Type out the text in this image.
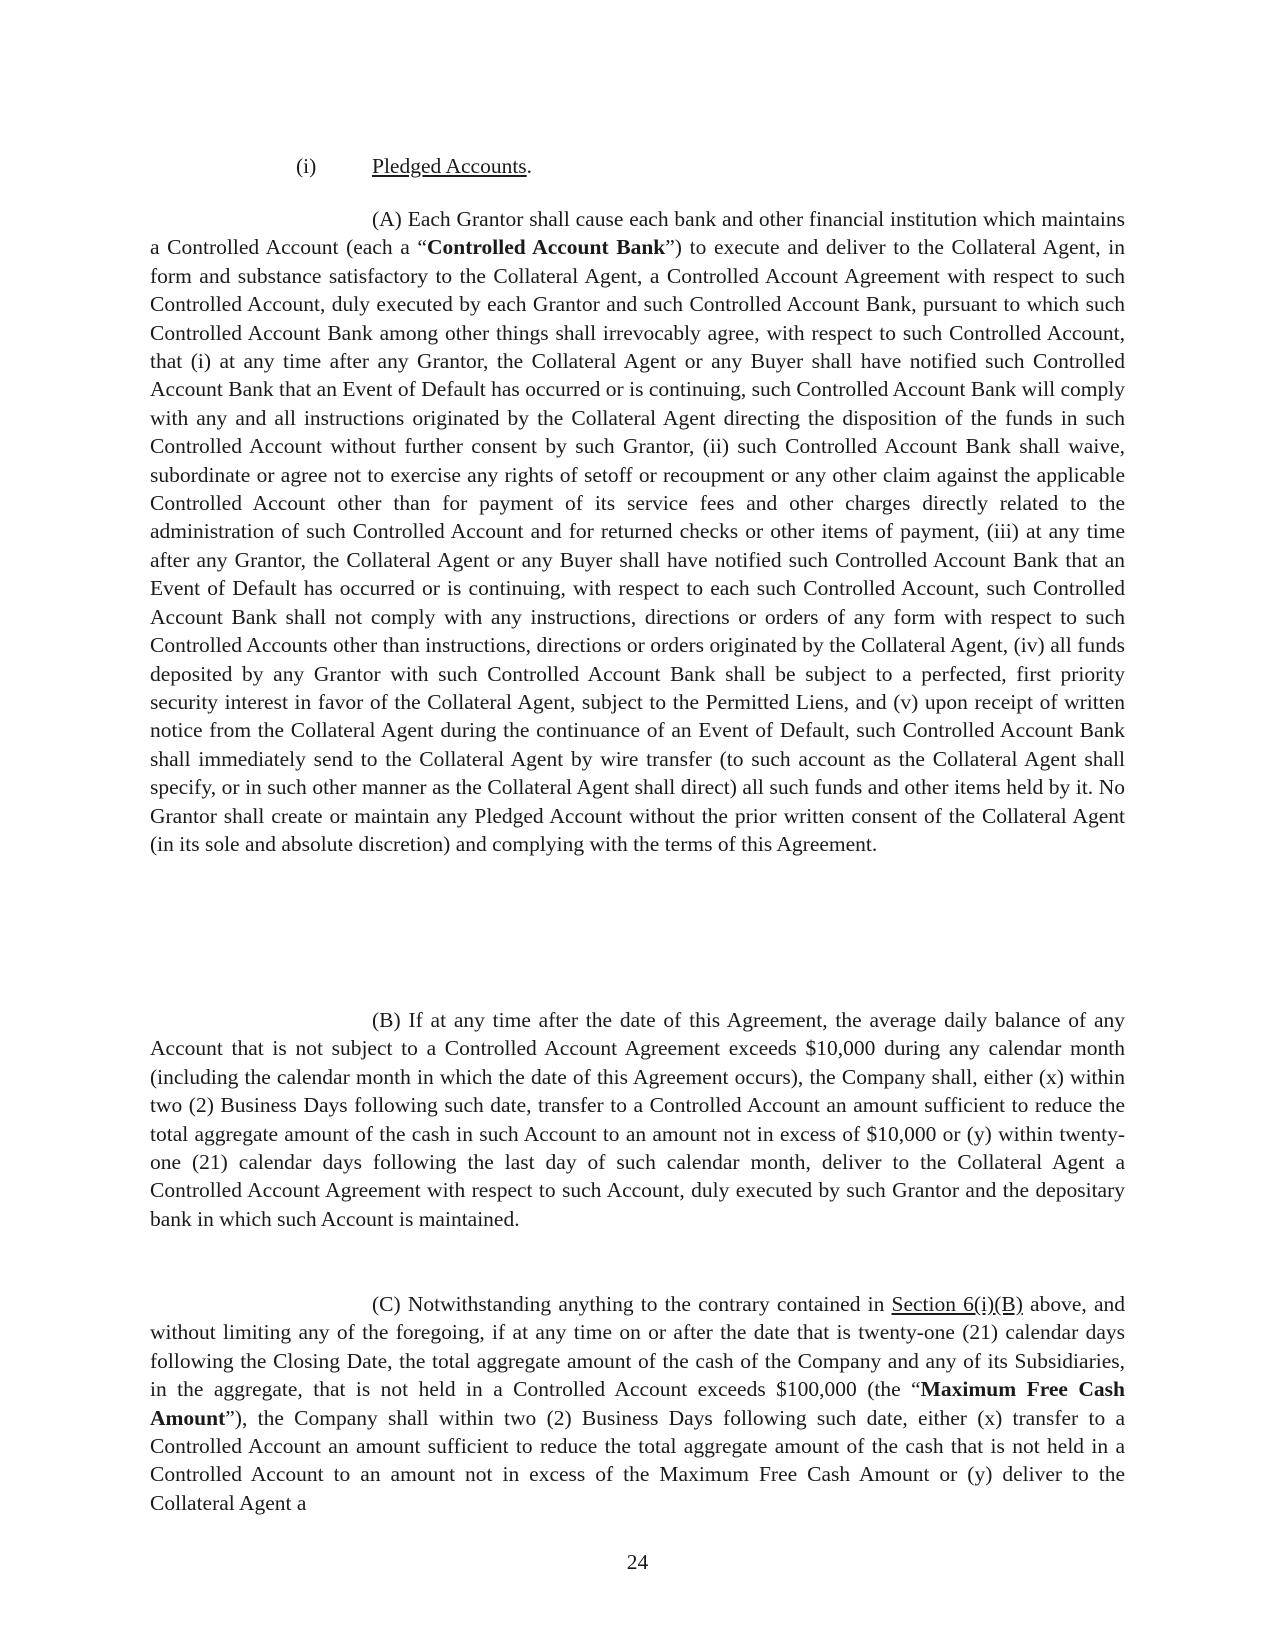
(i)	Pledged Accounts.

(A) Each Grantor shall cause each bank and other financial institution which maintains a Controlled Account (each a “Controlled Account Bank”) to execute and deliver to the Collateral Agent, in form and substance satisfactory to the Collateral Agent, a Controlled Account Agreement with respect to such Controlled Account, duly executed by each Grantor and such Controlled Account Bank, pursuant to which such Controlled Account Bank among other things shall irrevocably agree, with respect to such Controlled Account, that (i) at any time after any Grantor, the Collateral Agent or any Buyer shall have notified such Controlled Account Bank that an Event of Default has occurred or is continuing, such Controlled Account Bank will comply with any and all instructions originated by the Collateral Agent directing the disposition of the funds in such Controlled Account without further consent by such Grantor, (ii) such Controlled Account Bank shall waive, subordinate or agree not to exercise any rights of setoff or recoupment or any other claim against the applicable Controlled Account other than for payment of its service fees and other charges directly related to the administration of such Controlled Account and for returned checks or other items of payment, (iii) at any time after any Grantor, the Collateral Agent or any Buyer shall have notified such Controlled Account Bank that an Event of Default has occurred or is continuing, with respect to each such Controlled Account, such Controlled Account Bank shall not comply with any instructions, directions or orders of any form with respect to such Controlled Accounts other than instructions, directions or orders originated by the Collateral Agent, (iv) all funds deposited by any Grantor with such Controlled Account Bank shall be subject to a perfected, first priority security interest in favor of the Collateral Agent, subject to the Permitted Liens, and (v) upon receipt of written notice from the Collateral Agent during the continuance of an Event of Default, such Controlled Account Bank shall immediately send to the Collateral Agent by wire transfer (to such account as the Collateral Agent shall specify, or in such other manner as the Collateral Agent shall direct) all such funds and other items held by it. No Grantor shall create or maintain any Pledged Account without the prior written consent of the Collateral Agent (in its sole and absolute discretion) and complying with the terms of this Agreement.

(B) If at any time after the date of this Agreement, the average daily balance of any Account that is not subject to a Controlled Account Agreement exceeds $10,000 during any calendar month (including the calendar month in which the date of this Agreement occurs), the Company shall, either (x) within two (2) Business Days following such date, transfer to a Controlled Account an amount sufficient to reduce the total aggregate amount of the cash in such Account to an amount not in excess of $10,000 or (y) within twenty-one (21) calendar days following the last day of such calendar month, deliver to the Collateral Agent a Controlled Account Agreement with respect to such Account, duly executed by such Grantor and the depositary bank in which such Account is maintained.

(C) Notwithstanding anything to the contrary contained in Section 6(i)(B) above, and without limiting any of the foregoing, if at any time on or after the date that is twenty-one (21) calendar days following the Closing Date, the total aggregate amount of the cash of the Company and any of its Subsidiaries, in the aggregate, that is not held in a Controlled Account exceeds $100,000 (the “Maximum Free Cash Amount”), the Company shall within two (2) Business Days following such date, either (x) transfer to a Controlled Account an amount sufficient to reduce the total aggregate amount of the cash that is not held in a Controlled Account to an amount not in excess of the Maximum Free Cash Amount or (y) deliver to the Collateral Agent a

24
